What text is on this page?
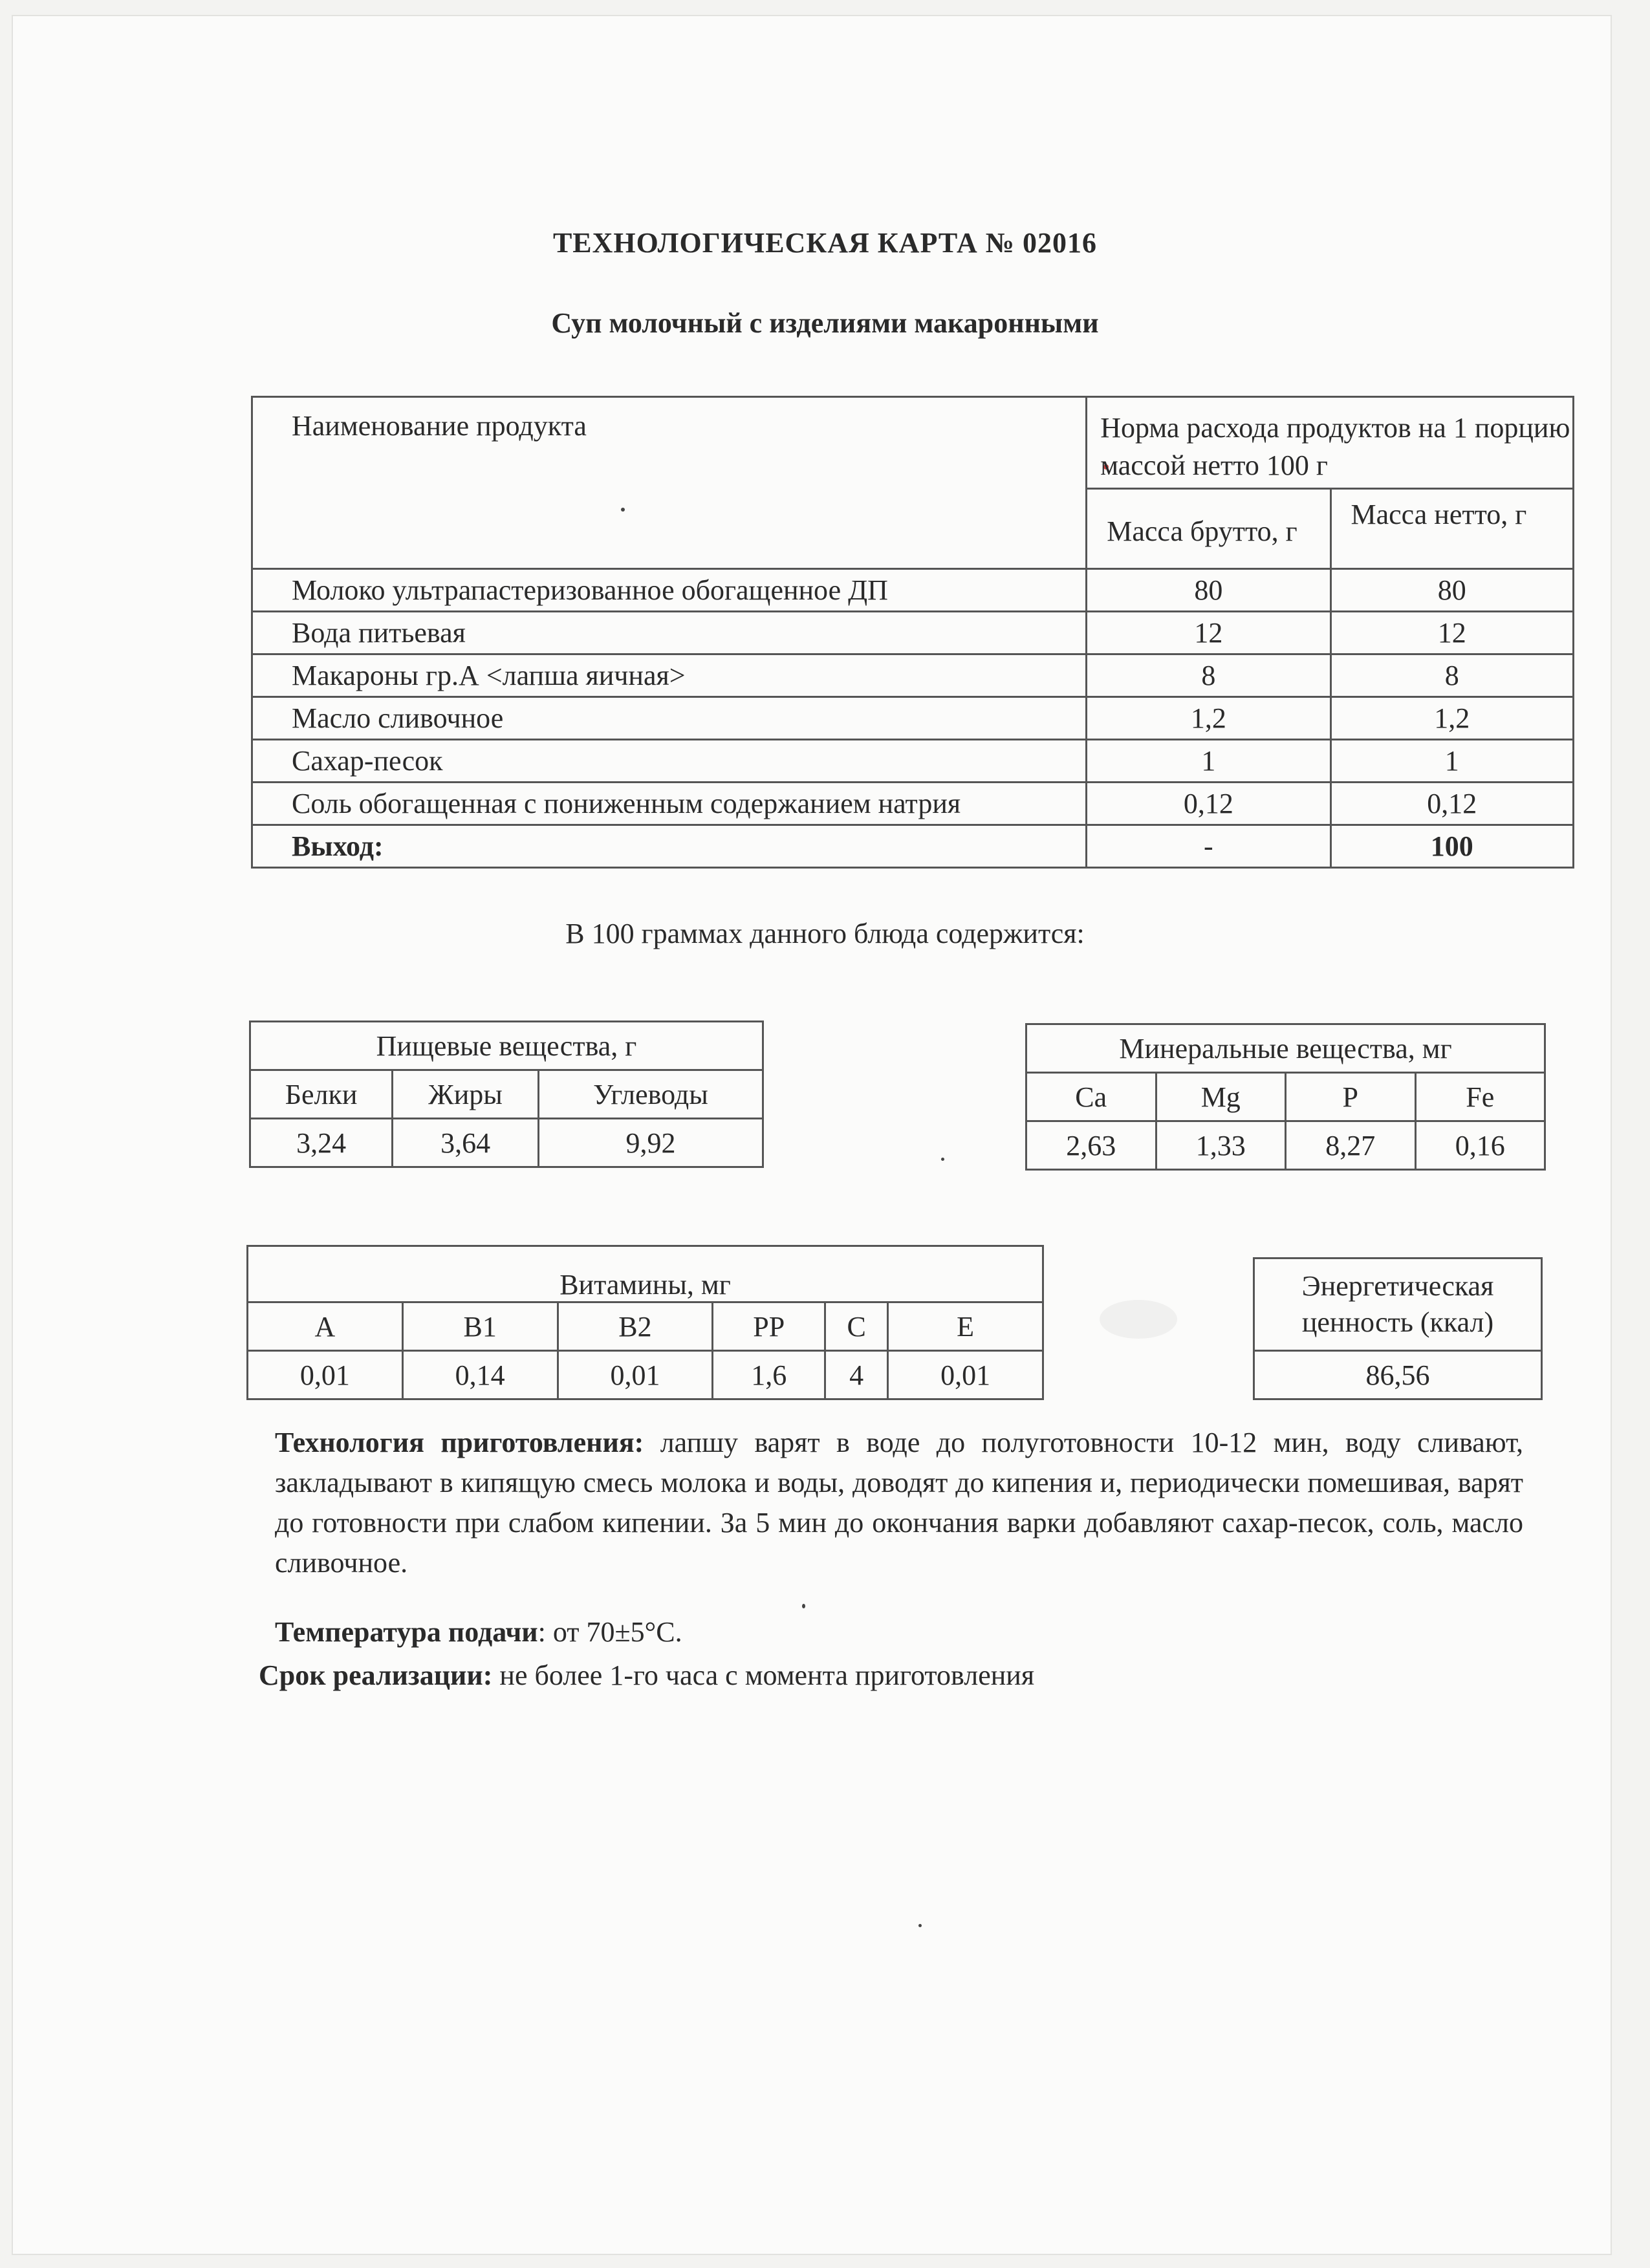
ТЕХНОЛОГИЧЕСКАЯ КАРТА № 02016
Суп молочный с изделиями макаронными
Наименование продукта	Норма расхода продуктов на 1 порцию массой нетто 100 г	
	Масса брутто, г	Масса нетто, г
Молоко ультрапастеризованное обогащенное ДП	80	80
Вода питьевая	12	12
Макароны гр.А <лапша яичная>	8	8
Масло сливочное	1,2	1,2
Сахар-песок	1	1
Соль обогащенная с пониженным содержанием натрия	0,12	0,12
Выход:	-	100
В 100 граммах данного блюда содержится:
Пищевые вещества, г		
Белки	Жиры	Углеводы
3,24	3,64	9,92
Минеральные вещества, мг			
Ca	Mg	P	Fe
2,63	1,33	8,27	0,16
Витамины, мг					
A	B1	B2	PP	C	E
0,01	0,14	0,01	1,6	4	0,01
Энергетическая ценность (ккал)
86,56
Технология приготовления: лапшу варят в воде до полуготовности 10-12 мин, воду сливают, закладывают в кипящую смесь молока и воды, доводят до кипения и, периодически помешивая, варят до готовности при слабом кипении. За 5 мин до окончания варки добавляют сахар-песок, соль, масло сливочное.
Температура подачи: от 70±5°С.
Срок реализации: не более 1-го часа с момента приготовления
